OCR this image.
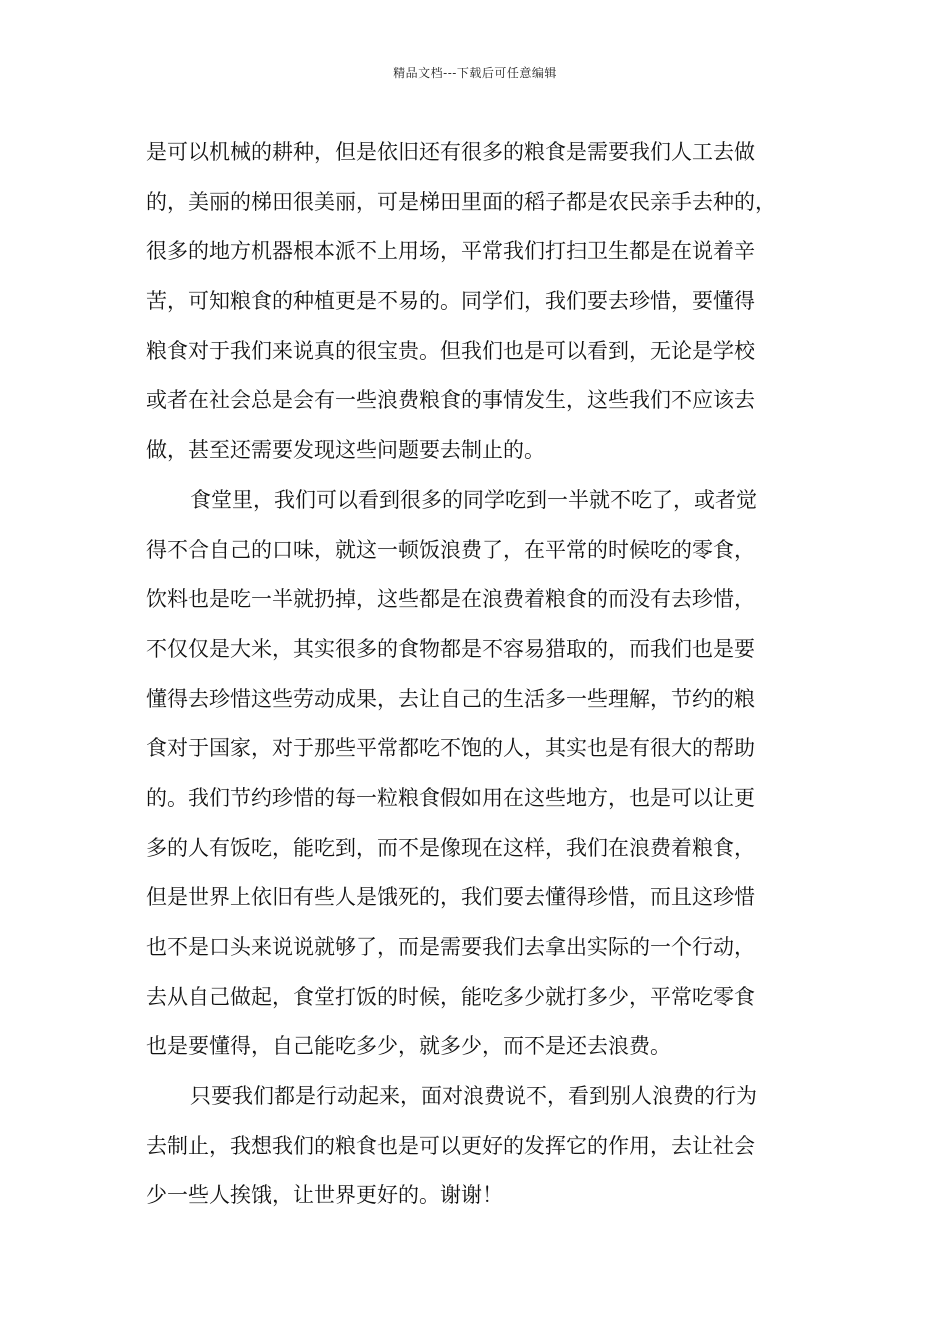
精品文档---下载后可任意编辑
是可以机械的耕种，但是依旧还有很多的粮食是需要我们人工去做
的，美丽的梯田很美丽，可是梯田里面的稻子都是农民亲手去种的，
很多的地方机器根本派不上用场，平常我们打扫卫生都是在说着辛
苦，可知粮食的种植更是不易的。同学们，我们要去珍惜，要懂得
粮食对于我们来说真的很宝贵。但我们也是可以看到，无论是学校
或者在社会总是会有一些浪费粮食的事情发生，这些我们不应该去
做，甚至还需要发现这些问题要去制止的。
食堂里，我们可以看到很多的同学吃到一半就不吃了，或者觉
得不合自己的口味，就这一顿饭浪费了，在平常的时候吃的零食，
饮料也是吃一半就扔掉，这些都是在浪费着粮食的而没有去珍惜，
不仅仅是大米，其实很多的食物都是不容易猎取的，而我们也是要
懂得去珍惜这些劳动成果，去让自己的生活多一些理解，节约的粮
食对于国家，对于那些平常都吃不饱的人，其实也是有很大的帮助
的。我们节约珍惜的每一粒粮食假如用在这些地方，也是可以让更
多的人有饭吃，能吃到，而不是像现在这样，我们在浪费着粮食，
但是世界上依旧有些人是饿死的，我们要去懂得珍惜，而且这珍惜
也不是口头来说说就够了，而是需要我们去拿出实际的一个行动，
去从自己做起，食堂打饭的时候，能吃多少就打多少，平常吃零食
也是要懂得，自己能吃多少，就多少，而不是还去浪费。
只要我们都是行动起来，面对浪费说不，看到别人浪费的行为
去制止，我想我们的粮食也是可以更好的发挥它的作用，去让社会
少一些人挨饿，让世界更好的。谢谢！
